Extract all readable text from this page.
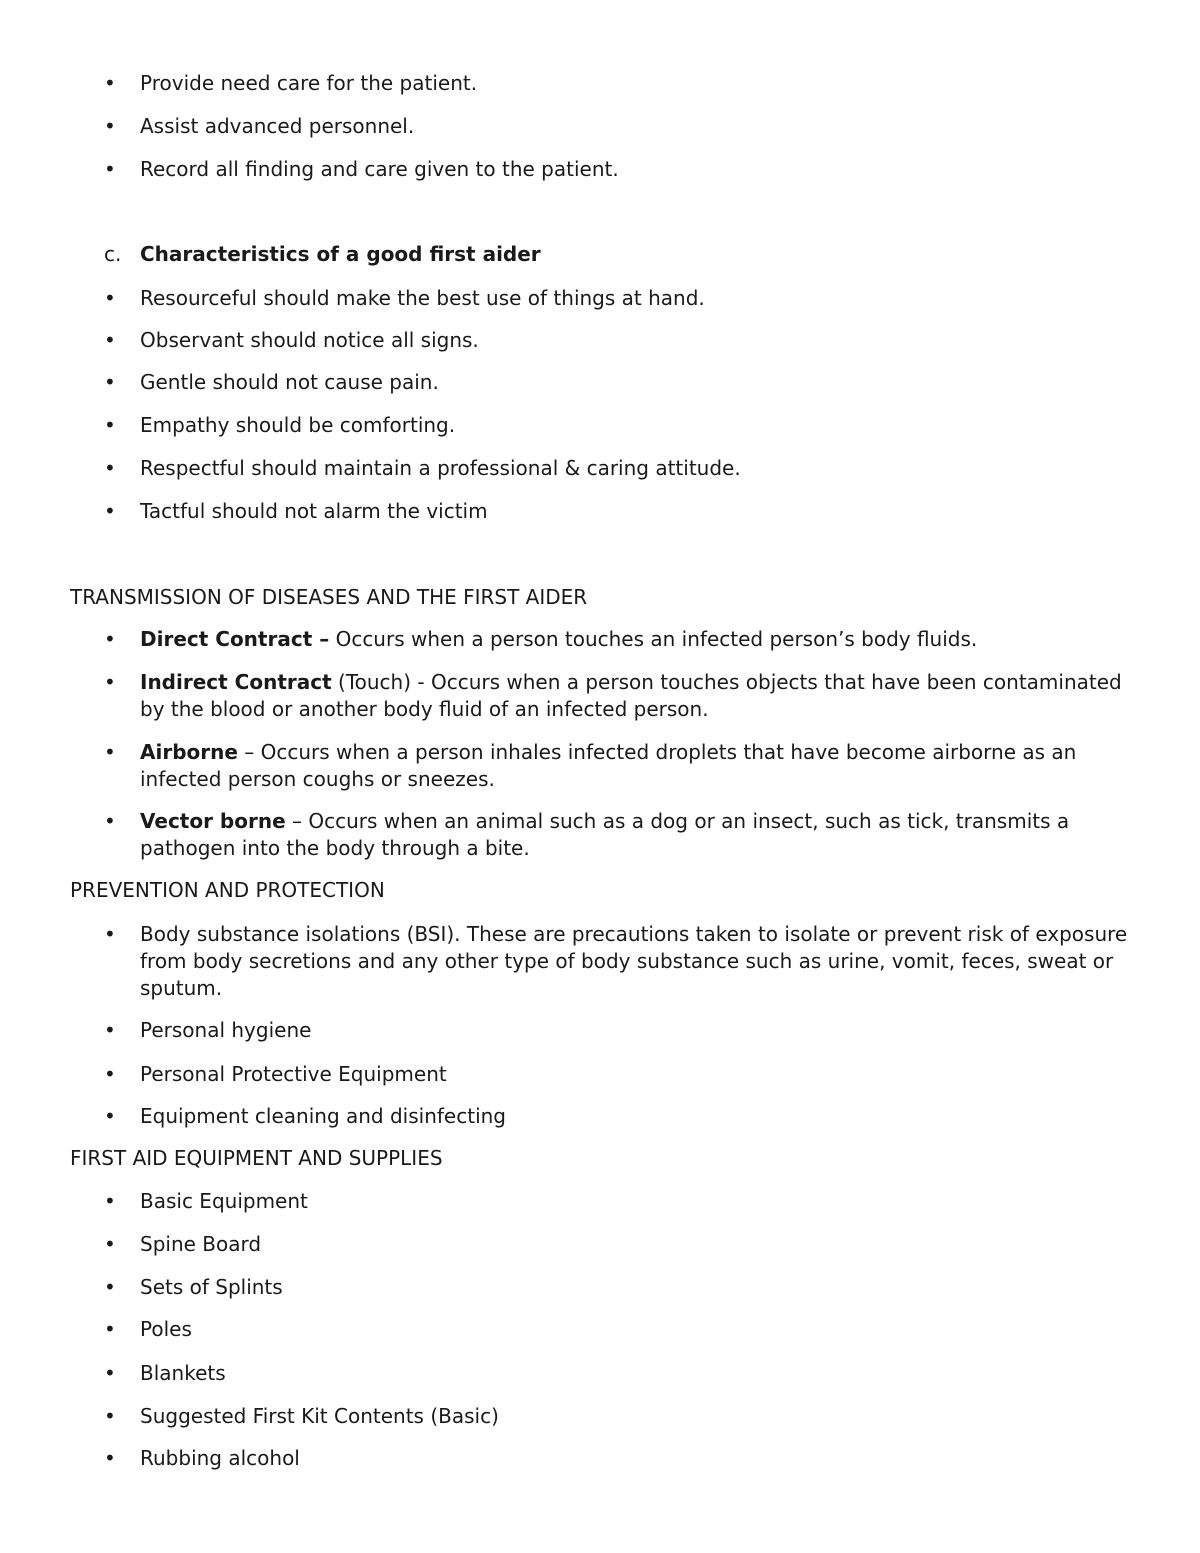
• Provide need care for the patient.
• Assist advanced personnel.
• Record all finding and care given to the patient.
c. Characteristics of a good first aider
• Resourceful should make the best use of things at hand.
• Observant should notice all signs.
• Gentle should not cause pain.
• Empathy should be comforting.
• Respectful should maintain a professional & caring attitude.
• Tactful should not alarm the victim
TRANSMISSION OF DISEASES AND THE FIRST AIDER
• Direct Contract – Occurs when a person touches an infected person’s body fluids.
• Indirect Contract (Touch) - Occurs when a person touches objects that have been contaminated by the blood or another body fluid of an infected person.
• Airborne – Occurs when a person inhales infected droplets that have become airborne as an infected person coughs or sneezes.
• Vector borne – Occurs when an animal such as a dog or an insect, such as tick, transmits a pathogen into the body through a bite.
PREVENTION AND PROTECTION
• Body substance isolations (BSI). These are precautions taken to isolate or prevent risk of exposure from body secretions and any other type of body substance such as urine, vomit, feces, sweat or sputum.
• Personal hygiene
• Personal Protective Equipment
• Equipment cleaning and disinfecting
FIRST AID EQUIPMENT AND SUPPLIES
• Basic Equipment
• Spine Board
• Sets of Splints
• Poles
• Blankets
• Suggested First Kit Contents (Basic)
• Rubbing alcohol
